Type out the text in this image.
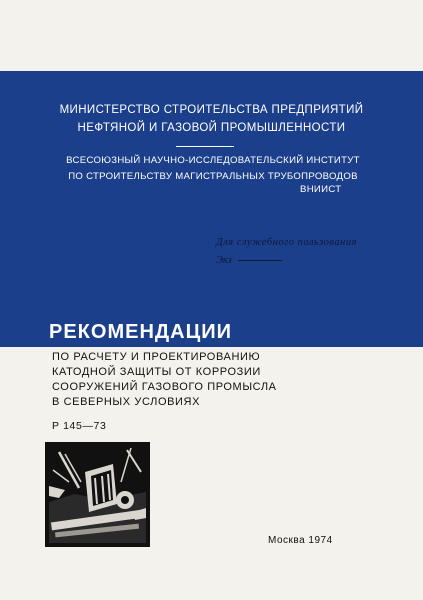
МИНИСТЕРСТВО СТРОИТЕЛЬСТВА ПРЕДПРИЯТИЙ
НЕФТЯНОЙ И ГАЗОВОЙ ПРОМЫШЛЕННОСТИ
ВСЕСОЮЗНЫЙ НАУЧНО-ИССЛЕДОВАТЕЛЬСКИЙ ИНСТИТУТ
ПО СТРОИТЕЛЬСТВУ МАГИСТРАЛЬНЫХ ТРУБОПРОВОДОВ
ВНИИСТ
Для служебного пользования
Экз
РЕКОМЕНДАЦИИ
ПО РАСЧЕТУ И ПРОЕКТИРОВАНИЮ
КАТОДНОЙ ЗАЩИТЫ ОТ КОРРОЗИИ
СООРУЖЕНИЙ ГАЗОВОГО ПРОМЫСЛА
В СЕВЕРНЫХ УСЛОВИЯХ
Р 145—73
Москва 1974
